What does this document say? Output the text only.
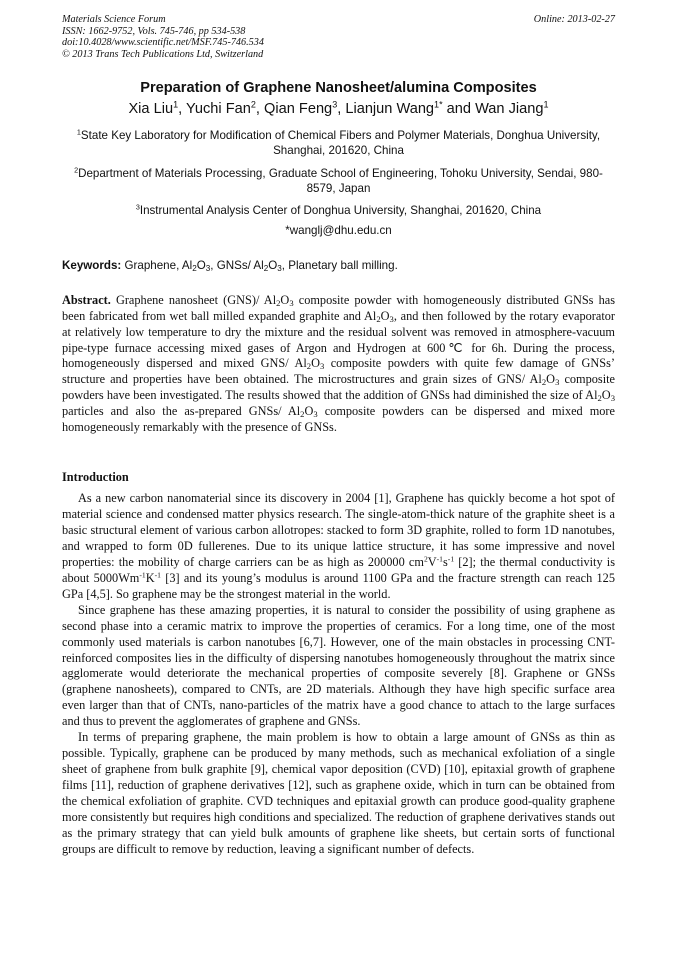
Materials Science Forum
ISSN: 1662-9752, Vols. 745-746, pp 534-538
doi:10.4028/www.scientific.net/MSF.745-746.534
© 2013 Trans Tech Publications Ltd, Switzerland
Online: 2013-02-27
Preparation of Graphene Nanosheet/alumina Composites
Xia Liu$^1$, Yuchi Fan$^2$, Qian Feng$^3$, Lianjun Wang$^{1*}$ and Wan Jiang$^1$
$^1$State Key Laboratory for Modification of Chemical Fibers and Polymer Materials, Donghua University, Shanghai, 201620, China
$^2$Department of Materials Processing, Graduate School of Engineering, Tohoku University, Sendai, 980-8579, Japan
$^3$Instrumental Analysis Center of Donghua University, Shanghai, 201620, China
*wanglj@dhu.edu.cn
Keywords: Graphene, $Al_2O_3$, GNSs/ $Al_2O_3$, Planetary ball milling.
Abstract. Graphene nanosheet (GNS)/ $Al_2O_3$ composite powder with homogeneously distributed GNSs has been fabricated from wet ball milled expanded graphite and $Al_2O_3$, and then followed by the rotary evaporator at relatively low temperature to dry the mixture and the residual solvent was removed in atmosphere-vacuum pipe-type furnace accessing mixed gases of Argon and Hydrogen at 600℃ for 6h. During the process, homogeneously dispersed and mixed GNS/ $Al_2O_3$ composite powders with quite few damage of GNSs’ structure and properties have been obtained. The microstructures and grain sizes of GNS/ $Al_2O_3$ composite powders have been investigated. The results showed that the addition of GNSs had diminished the size of $Al_2O_3$ particles and also the as-prepared GNSs/ $Al_2O_3$ composite powders can be dispersed and mixed more homogeneously remarkably with the presence of GNSs.
Introduction

As a new carbon nanomaterial since its discovery in 2004 [1], Graphene has quickly become a hot spot of material science and condensed matter physics research. The single-atom-thick nature of the graphite sheet is a basic structural element of various carbon allotropes: stacked to form 3D graphite, rolled to form 1D nanotubes, and wrapped to form 0D fullerenes. Due to its unique lattice structure, it has some impressive and novel properties: the mobility of charge carriers can be as high as 200000 $cm^2V^{-1}s^{-1}$ [2]; the thermal conductivity is about $5000Wm^{-1}K^{-1}$ [3] and its young’s modulus is around 1100 GPa and the fracture strength can reach 125 GPa [4,5]. So graphene may be the strongest material in the world.

Since graphene has these amazing properties, it is natural to consider the possibility of using graphene as second phase into a ceramic matrix to improve the properties of ceramics. For a long time, one of the most commonly used materials is carbon nanotubes [6,7]. However, one of the main obstacles in processing CNT-reinforced composites lies in the difficulty of dispersing nanotubes homogeneously throughout the matrix since agglomerate would deteriorate the mechanical properties of composite severely [8]. Graphene or GNSs (graphene nanosheets), compared to CNTs, are 2D materials. Although they have high specific surface area even larger than that of CNTs, nano-particles of the matrix have a good chance to attach to the large surfaces and thus to prevent the agglomerates of graphene and GNSs.

In terms of preparing graphene, the main problem is how to obtain a large amount of GNSs as thin as possible. Typically, graphene can be produced by many methods, such as mechanical exfoliation of a single sheet of graphene from bulk graphite [9], chemical vapor deposition (CVD) [10], epitaxial growth of graphene films [11], reduction of graphene derivatives [12], such as graphene oxide, which in turn can be obtained from the chemical exfoliation of graphite. CVD techniques and epitaxial growth can produce good-quality graphene more consistently but requires high conditions and specialized. The reduction of graphene derivatives stands out as the primary strategy that can yield bulk amounts of graphene like sheets, but certain sorts of functional groups are difficult to remove by reduction, leaving a significant number of defects.
